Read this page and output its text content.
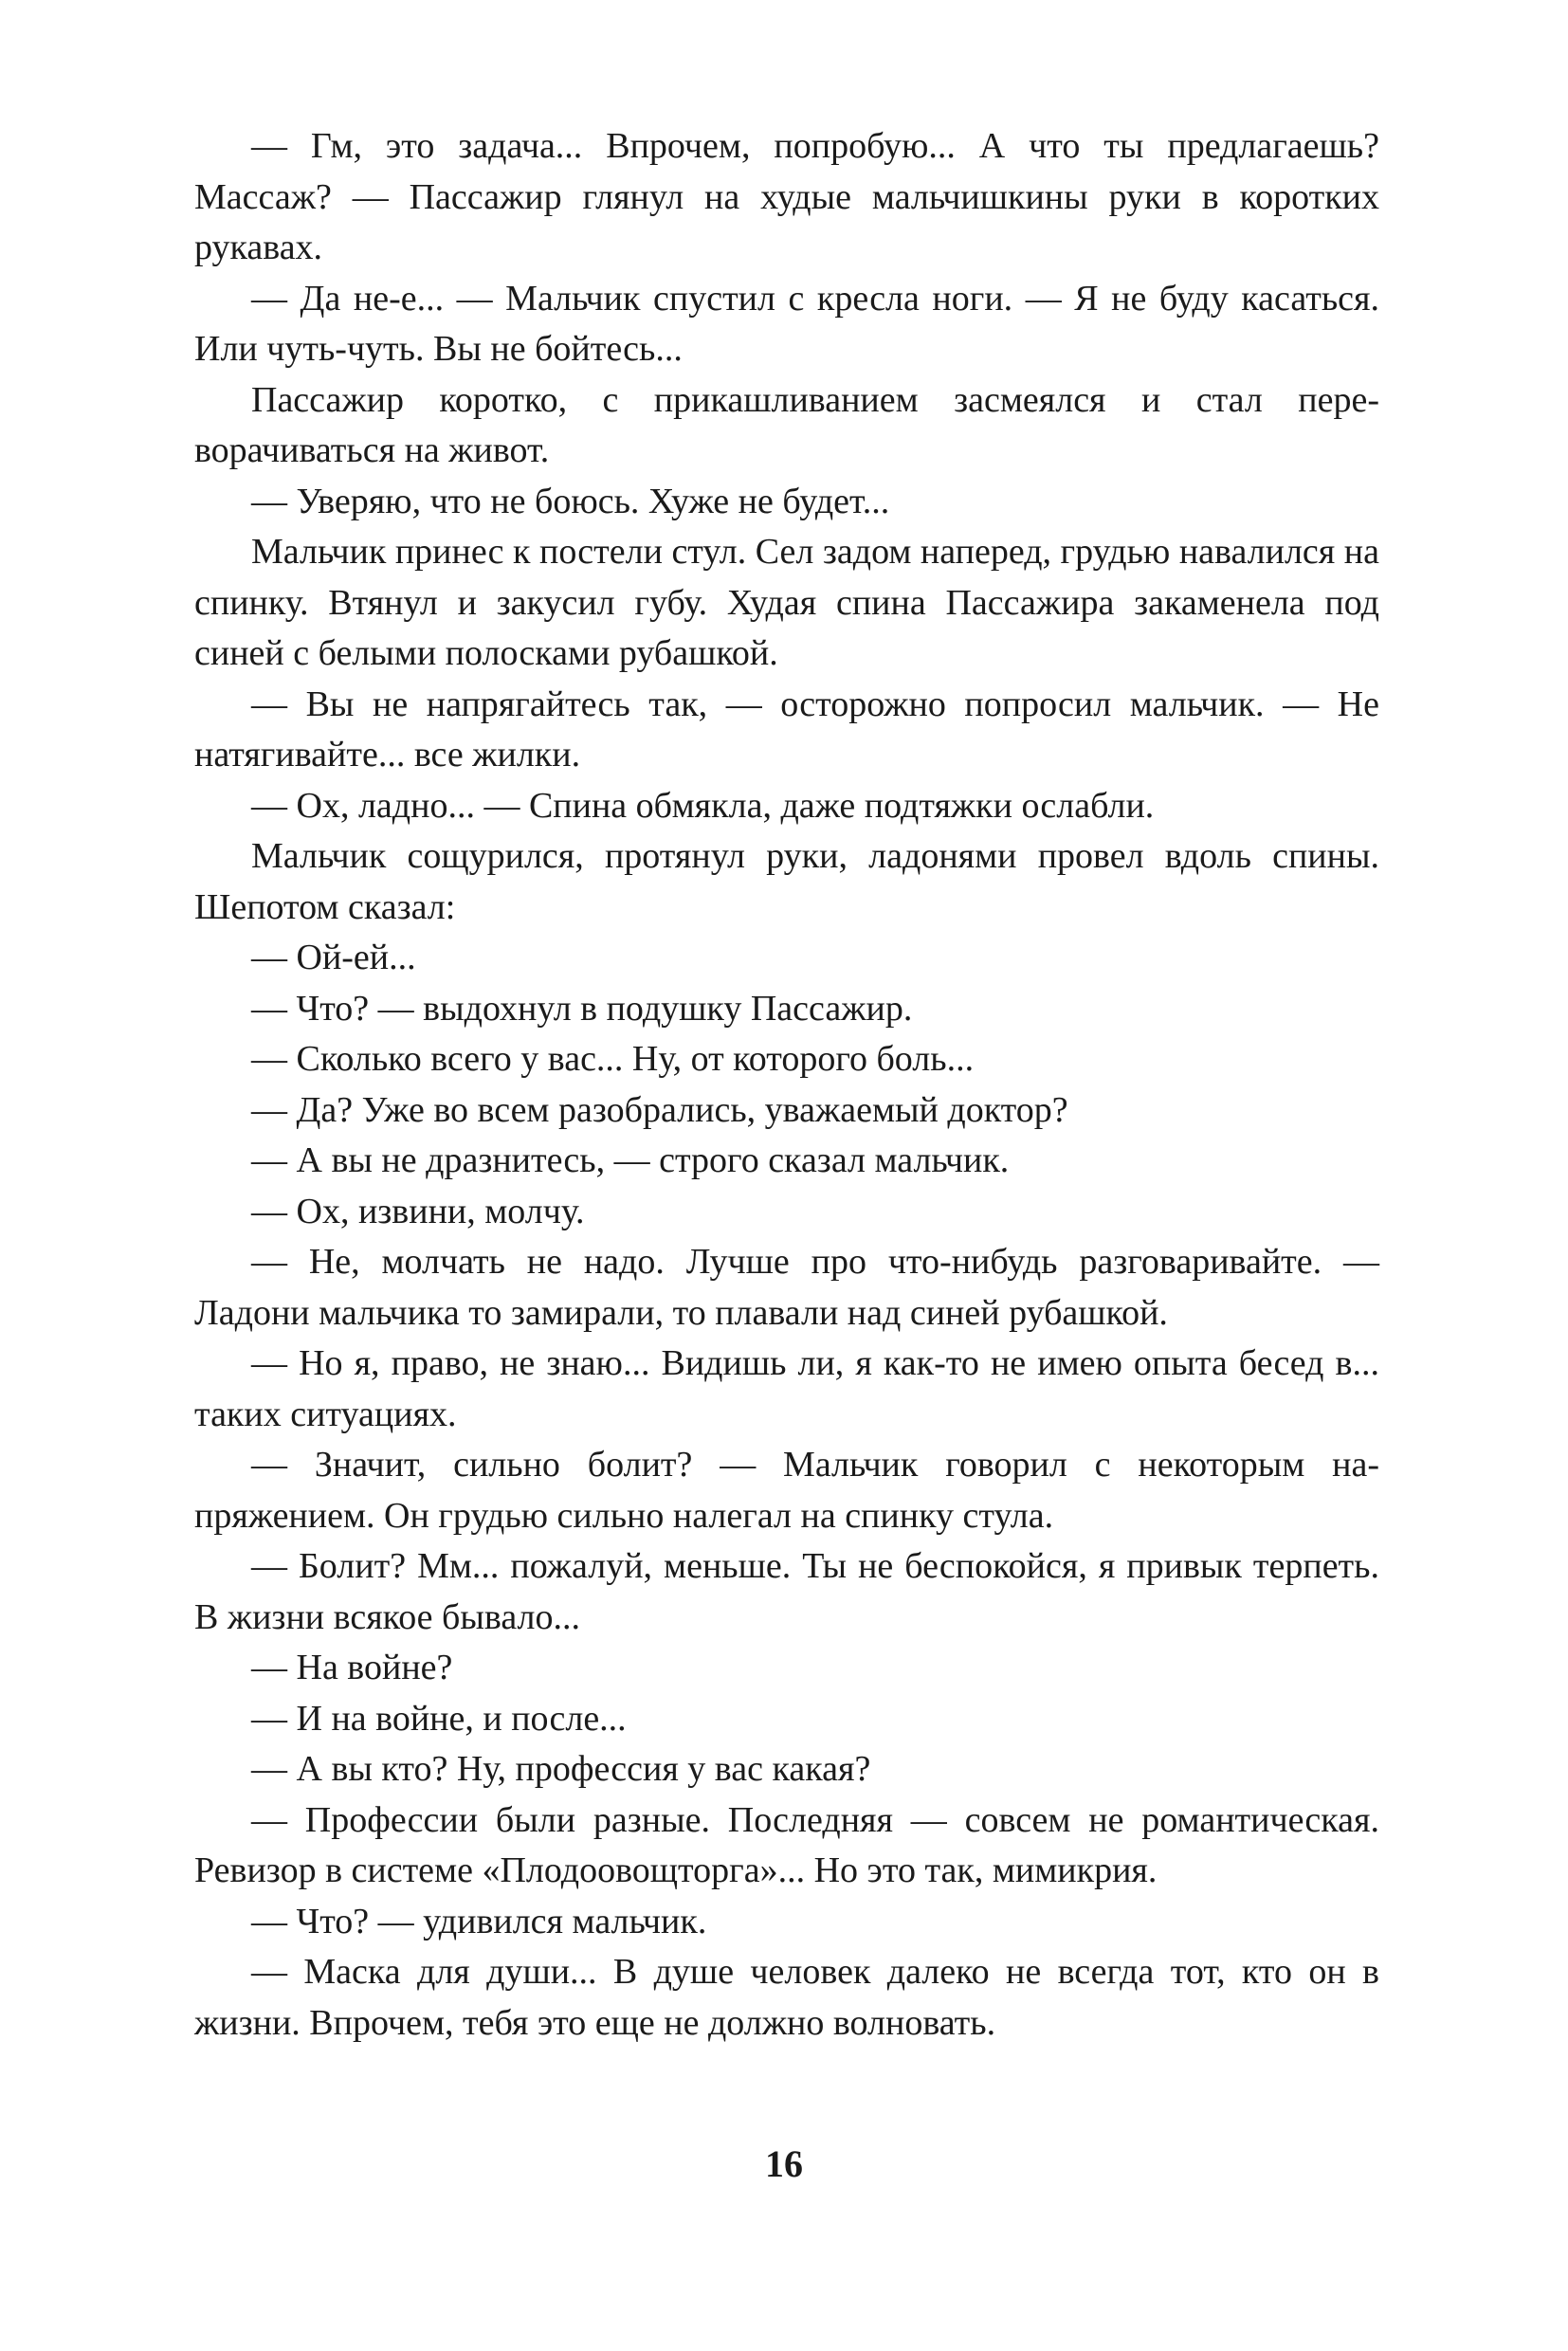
— Гм, это задача... Впрочем, попробую... А что ты предлагаешь? Массаж? — Пассажир глянул на худые мальчишкины руки в коротких рукавах.

— Да не-е... — Мальчик спустил с кресла ноги. — Я не буду касаться. Или чуть-чуть. Вы не бойтесь...

Пассажир коротко, с прикашливанием засмеялся и стал переворачиваться на живот.

— Уверяю, что не боюсь. Хуже не будет...

Мальчик принес к постели стул. Сел задом наперед, грудью навалился на спинку. Втянул и закусил губу. Худая спина Пассажира закаменела под синей с белыми полосками рубашкой.

— Вы не напрягайтесь так, — осторожно попросил мальчик. — Не натягивайте... все жилки.

— Ох, ладно... — Спина обмякла, даже подтяжки ослабли.

Мальчик сощурился, протянул руки, ладонями провел вдоль спины. Шепотом сказал:

— Ой-ей...

— Что? — выдохнул в подушку Пассажир.

— Сколько всего у вас... Ну, от которого боль...

— Да? Уже во всем разобрались, уважаемый доктор?

— А вы не дразнитесь, — строго сказал мальчик.

— Ох, извини, молчу.

— Не, молчать не надо. Лучше про что-нибудь разговаривайте. — Ладони мальчика то замирали, то плавали над синей рубашкой.

— Но я, право, не знаю... Видишь ли, я как-то не имею опыта бесед в... таких ситуациях.

— Значит, сильно болит? — Мальчик говорил с некоторым напряжением. Он грудью сильно налегал на спинку стула.

— Болит? Мм... пожалуй, меньше. Ты не беспокойся, я привык терпеть. В жизни всякое бывало...

— На войне?

— И на войне, и после...

— А вы кто? Ну, профессия у вас какая?

— Профессии были разные. Последняя — совсем не романтическая. Ревизор в системе «Плодоовощторга»... Но это так, мимикрия.

— Что? — удивился мальчик.

— Маска для души... В душе человек далеко не всегда тот, кто он в жизни. Впрочем, тебя это еще не должно волновать.

16
